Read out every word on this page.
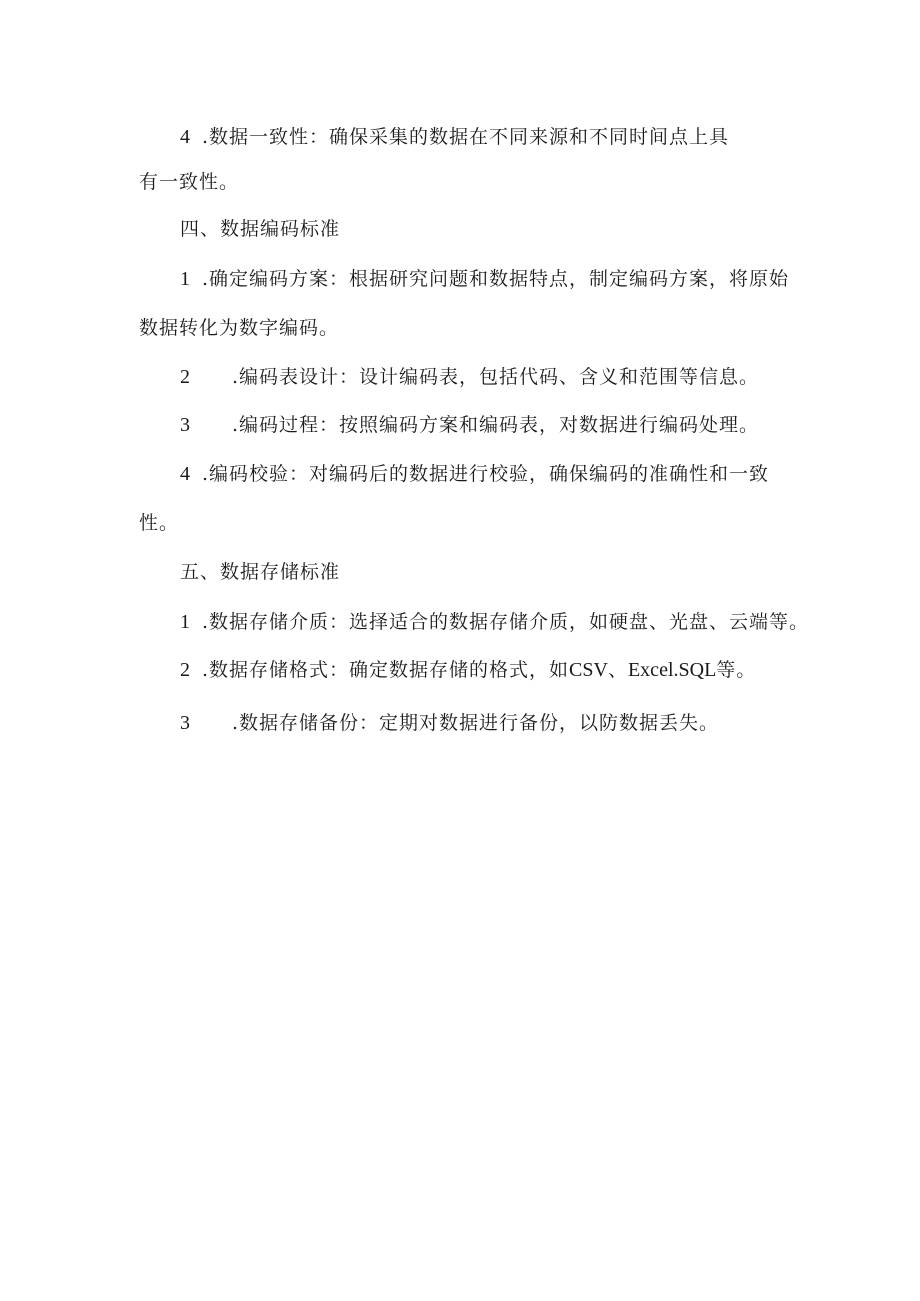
4 .数据一致性：确保采集的数据在不同来源和不同时间点上具
有一致性。
四、数据编码标准
1 .确定编码方案：根据研究问题和数据特点，制定编码方案，将原始
数据转化为数字编码。
2 .编码表设计：设计编码表，包括代码、含义和范围等信息。
3 .编码过程：按照编码方案和编码表，对数据进行编码处理。
4 .编码校验：对编码后的数据进行校验，确保编码的准确性和一致
性。
五、数据存储标准
1 .数据存储介质：选择适合的数据存储介质，如硬盘、光盘、云端等。
2 .数据存储格式：确定数据存储的格式，如CSV、Excel.SQL等。
3 .数据存储备份：定期对数据进行备份，以防数据丢失。
